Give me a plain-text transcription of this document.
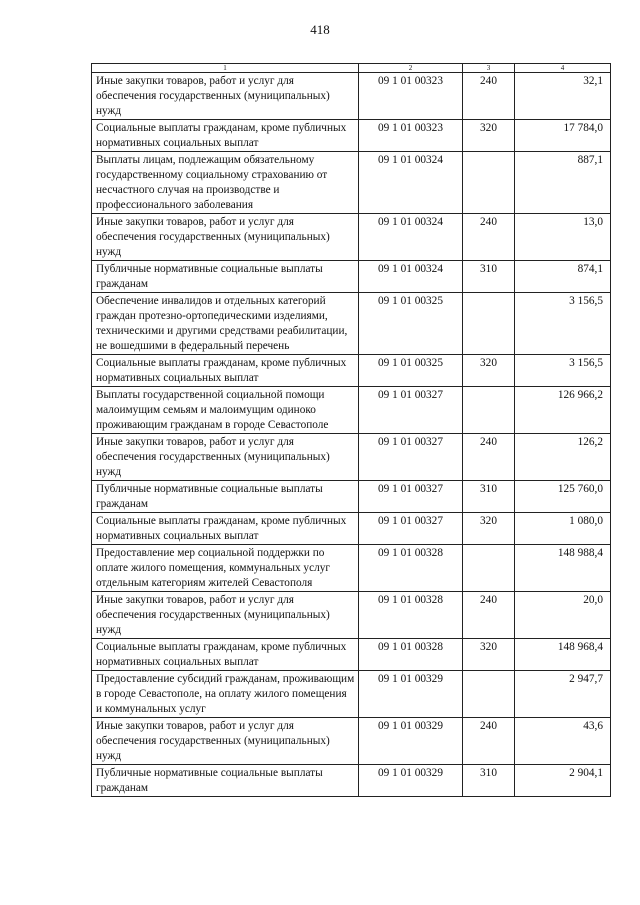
418
1	2	3	4
Иные закупки товаров, работ и услуг для обеспечения государственных (муниципальных) нужд	09 1 01 00323	240	32,1
Социальные выплаты гражданам, кроме публичных нормативных социальных выплат	09 1 01 00323	320	17 784,0
Выплаты лицам, подлежащим обязательному государственному социальному страхованию от несчастного случая на производстве и профессионального заболевания	09 1 01 00324		887,1
Иные закупки товаров, работ и услуг для обеспечения государственных (муниципальных) нужд	09 1 01 00324	240	13,0
Публичные нормативные социальные выплаты гражданам	09 1 01 00324	310	874,1
Обеспечение инвалидов и отдельных категорий граждан протезно-ортопедическими изделиями, техническими и другими средствами реабилитации, не вошедшими в федеральный перечень	09 1 01 00325		3 156,5
Социальные выплаты гражданам, кроме публичных нормативных социальных выплат	09 1 01 00325	320	3 156,5
Выплаты государственной социальной помощи малоимущим семьям и малоимущим одиноко проживающим гражданам в городе Севастополе	09 1 01 00327		126 966,2
Иные закупки товаров, работ и услуг для обеспечения государственных (муниципальных) нужд	09 1 01 00327	240	126,2
Публичные нормативные социальные выплаты гражданам	09 1 01 00327	310	125 760,0
Социальные выплаты гражданам, кроме публичных нормативных социальных выплат	09 1 01 00327	320	1 080,0
Предоставление мер социальной поддержки по оплате жилого помещения, коммунальных услуг отдельным категориям жителей Севастополя	09 1 01 00328		148 988,4
Иные закупки товаров, работ и услуг для обеспечения государственных (муниципальных) нужд	09 1 01 00328	240	20,0
Социальные выплаты гражданам, кроме публичных нормативных социальных выплат	09 1 01 00328	320	148 968,4
Предоставление субсидий гражданам, проживающим в городе Севастополе, на оплату жилого помещения и коммунальных услуг	09 1 01 00329		2 947,7
Иные закупки товаров, работ и услуг для обеспечения государственных (муниципальных) нужд	09 1 01 00329	240	43,6
Публичные нормативные социальные выплаты гражданам	09 1 01 00329	310	2 904,1
